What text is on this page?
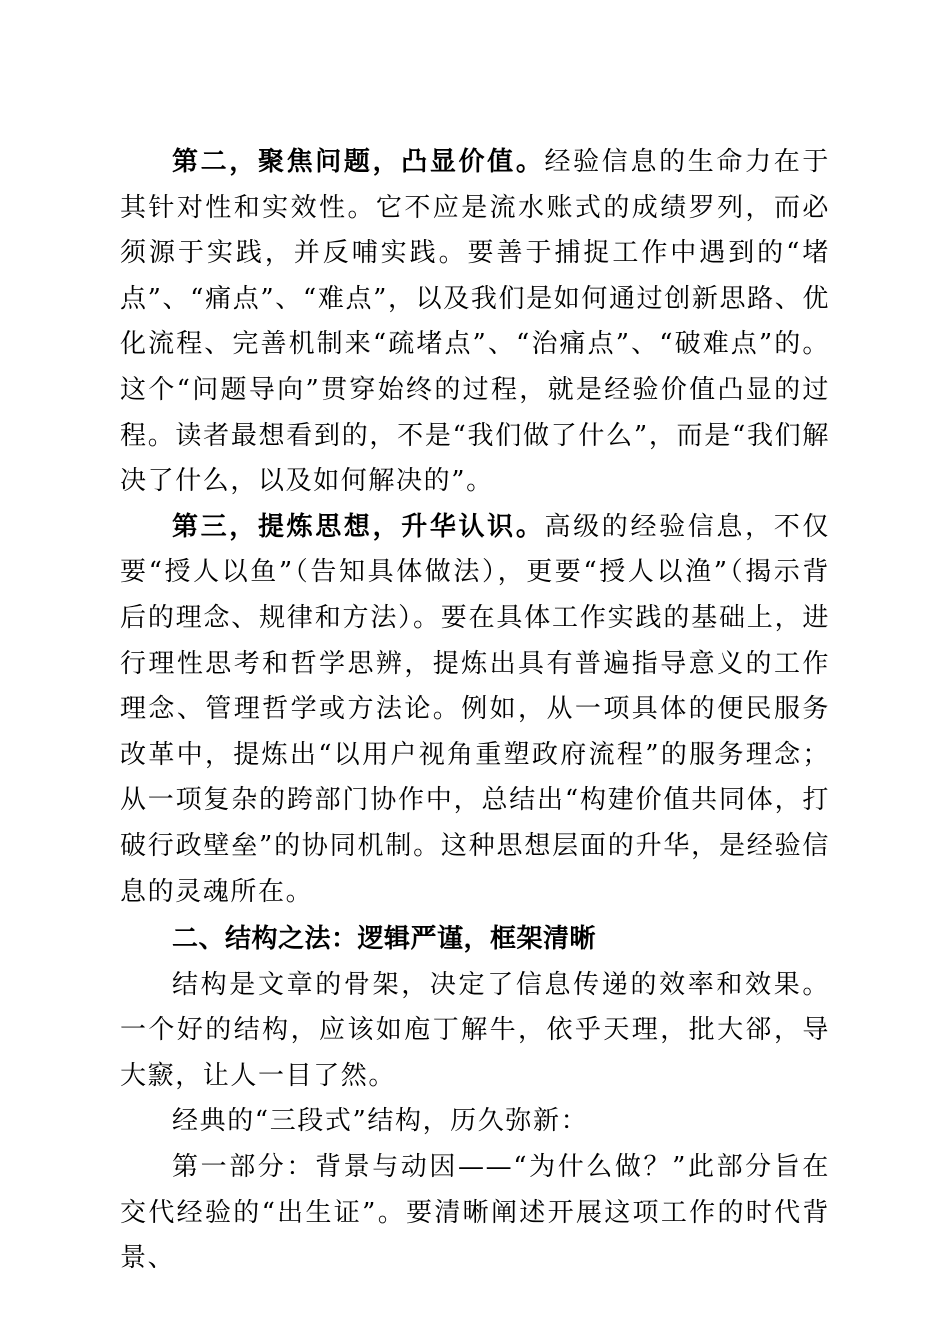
第二，聚焦问题，凸显价值。经验信息的生命力在于其针对性和实效性。它不应是流水账式的成绩罗列，而必须源于实践，并反哺实践。要善于捕捉工作中遇到的“堵点”、“痛点”、“难点”，以及我们是如何通过创新思路、优化流程、完善机制来“疏堵点”、“治痛点”、“破难点”的。这个“问题导向”贯穿始终的过程，就是经验价值凸显的过程。读者最想看到的，不是“我们做了什么”，而是“我们解决了什么，以及如何解决的”。

第三，提炼思想，升华认识。高级的经验信息，不仅要“授人以鱼”（告知具体做法），更要“授人以渔”（揭示背后的理念、规律和方法）。要在具体工作实践的基础上，进行理性思考和哲学思辨，提炼出具有普遍指导意义的工作理念、管理哲学或方法论。例如，从一项具体的便民服务改革中，提炼出“以用户视角重塑政府流程”的服务理念；从一项复杂的跨部门协作中，总结出“构建价值共同体，打破行政壁垒”的协同机制。这种思想层面的升华，是经验信息的灵魂所在。

二、结构之法：逻辑严谨，框架清晰

结构是文章的骨架，决定了信息传递的效率和效果。一个好的结构，应该如庖丁解牛，依乎天理，批大郤，导大窾，让人一目了然。

经典的“三段式”结构，历久弥新：

第一部分：背景与动因——“为什么做？”此部分旨在交代经验的“出生证”。要清晰阐述开展这项工作的时代背景、
